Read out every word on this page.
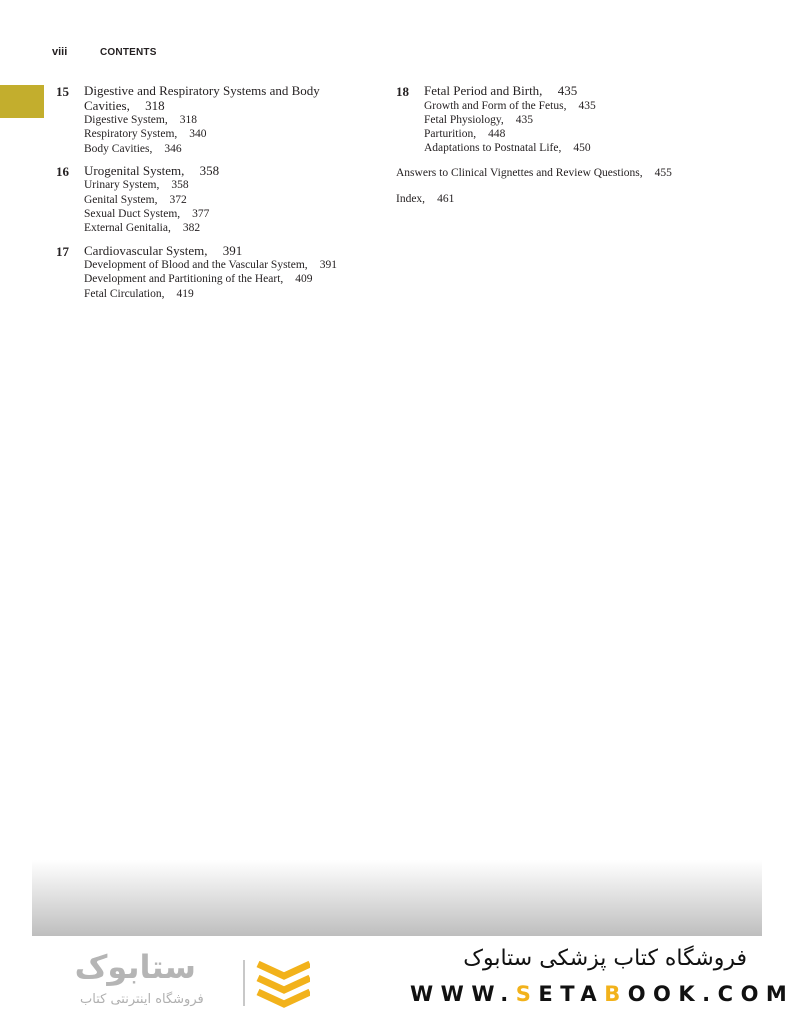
viii	CONTENTS
15	Digestive and Respiratory Systems and Body
Cavities, 318
Digestive System, 318
Respiratory System, 340
Body Cavities, 346
16	Urogenital System, 358
Urinary System, 358
Genital System, 372
Sexual Duct System, 377
External Genitalia, 382
17	Cardiovascular System, 391
Development of Blood and the Vascular System, 391
Development and Partitioning of the Heart, 409
Fetal Circulation, 419
18	Fetal Period and Birth, 435
Growth and Form of the Fetus, 435
Fetal Physiology, 435
Parturition, 448
Adaptations to Postnatal Life, 450
Answers to Clinical Vignettes and Review Questions, 455
Index, 461
ستابوک
فروشگاه اینترنتی کتاب
فروشگاه کتاب پزشکی ستابوک
WWW.SETABOOK.COM
